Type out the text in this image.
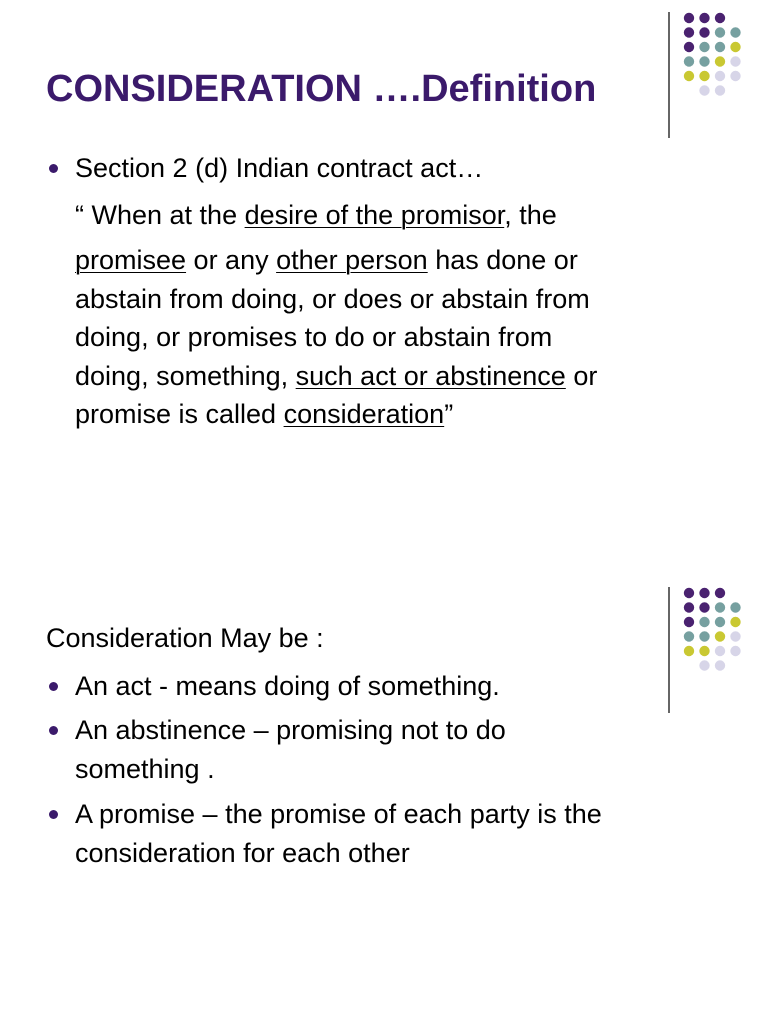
CONSIDERATION ….Definition
Section 2 (d) Indian contract act…
“ When at the desire of the promisor, the
promisee or any other person has done or
abstain from doing, or does or abstain from
doing, or promises to do or abstain from
doing, something, such act or abstinence or
promise is called consideration”
Consideration May be :
An act - means doing of something.
An abstinence – promising not to do
something .
A promise – the promise of each party is the
consideration for each other
